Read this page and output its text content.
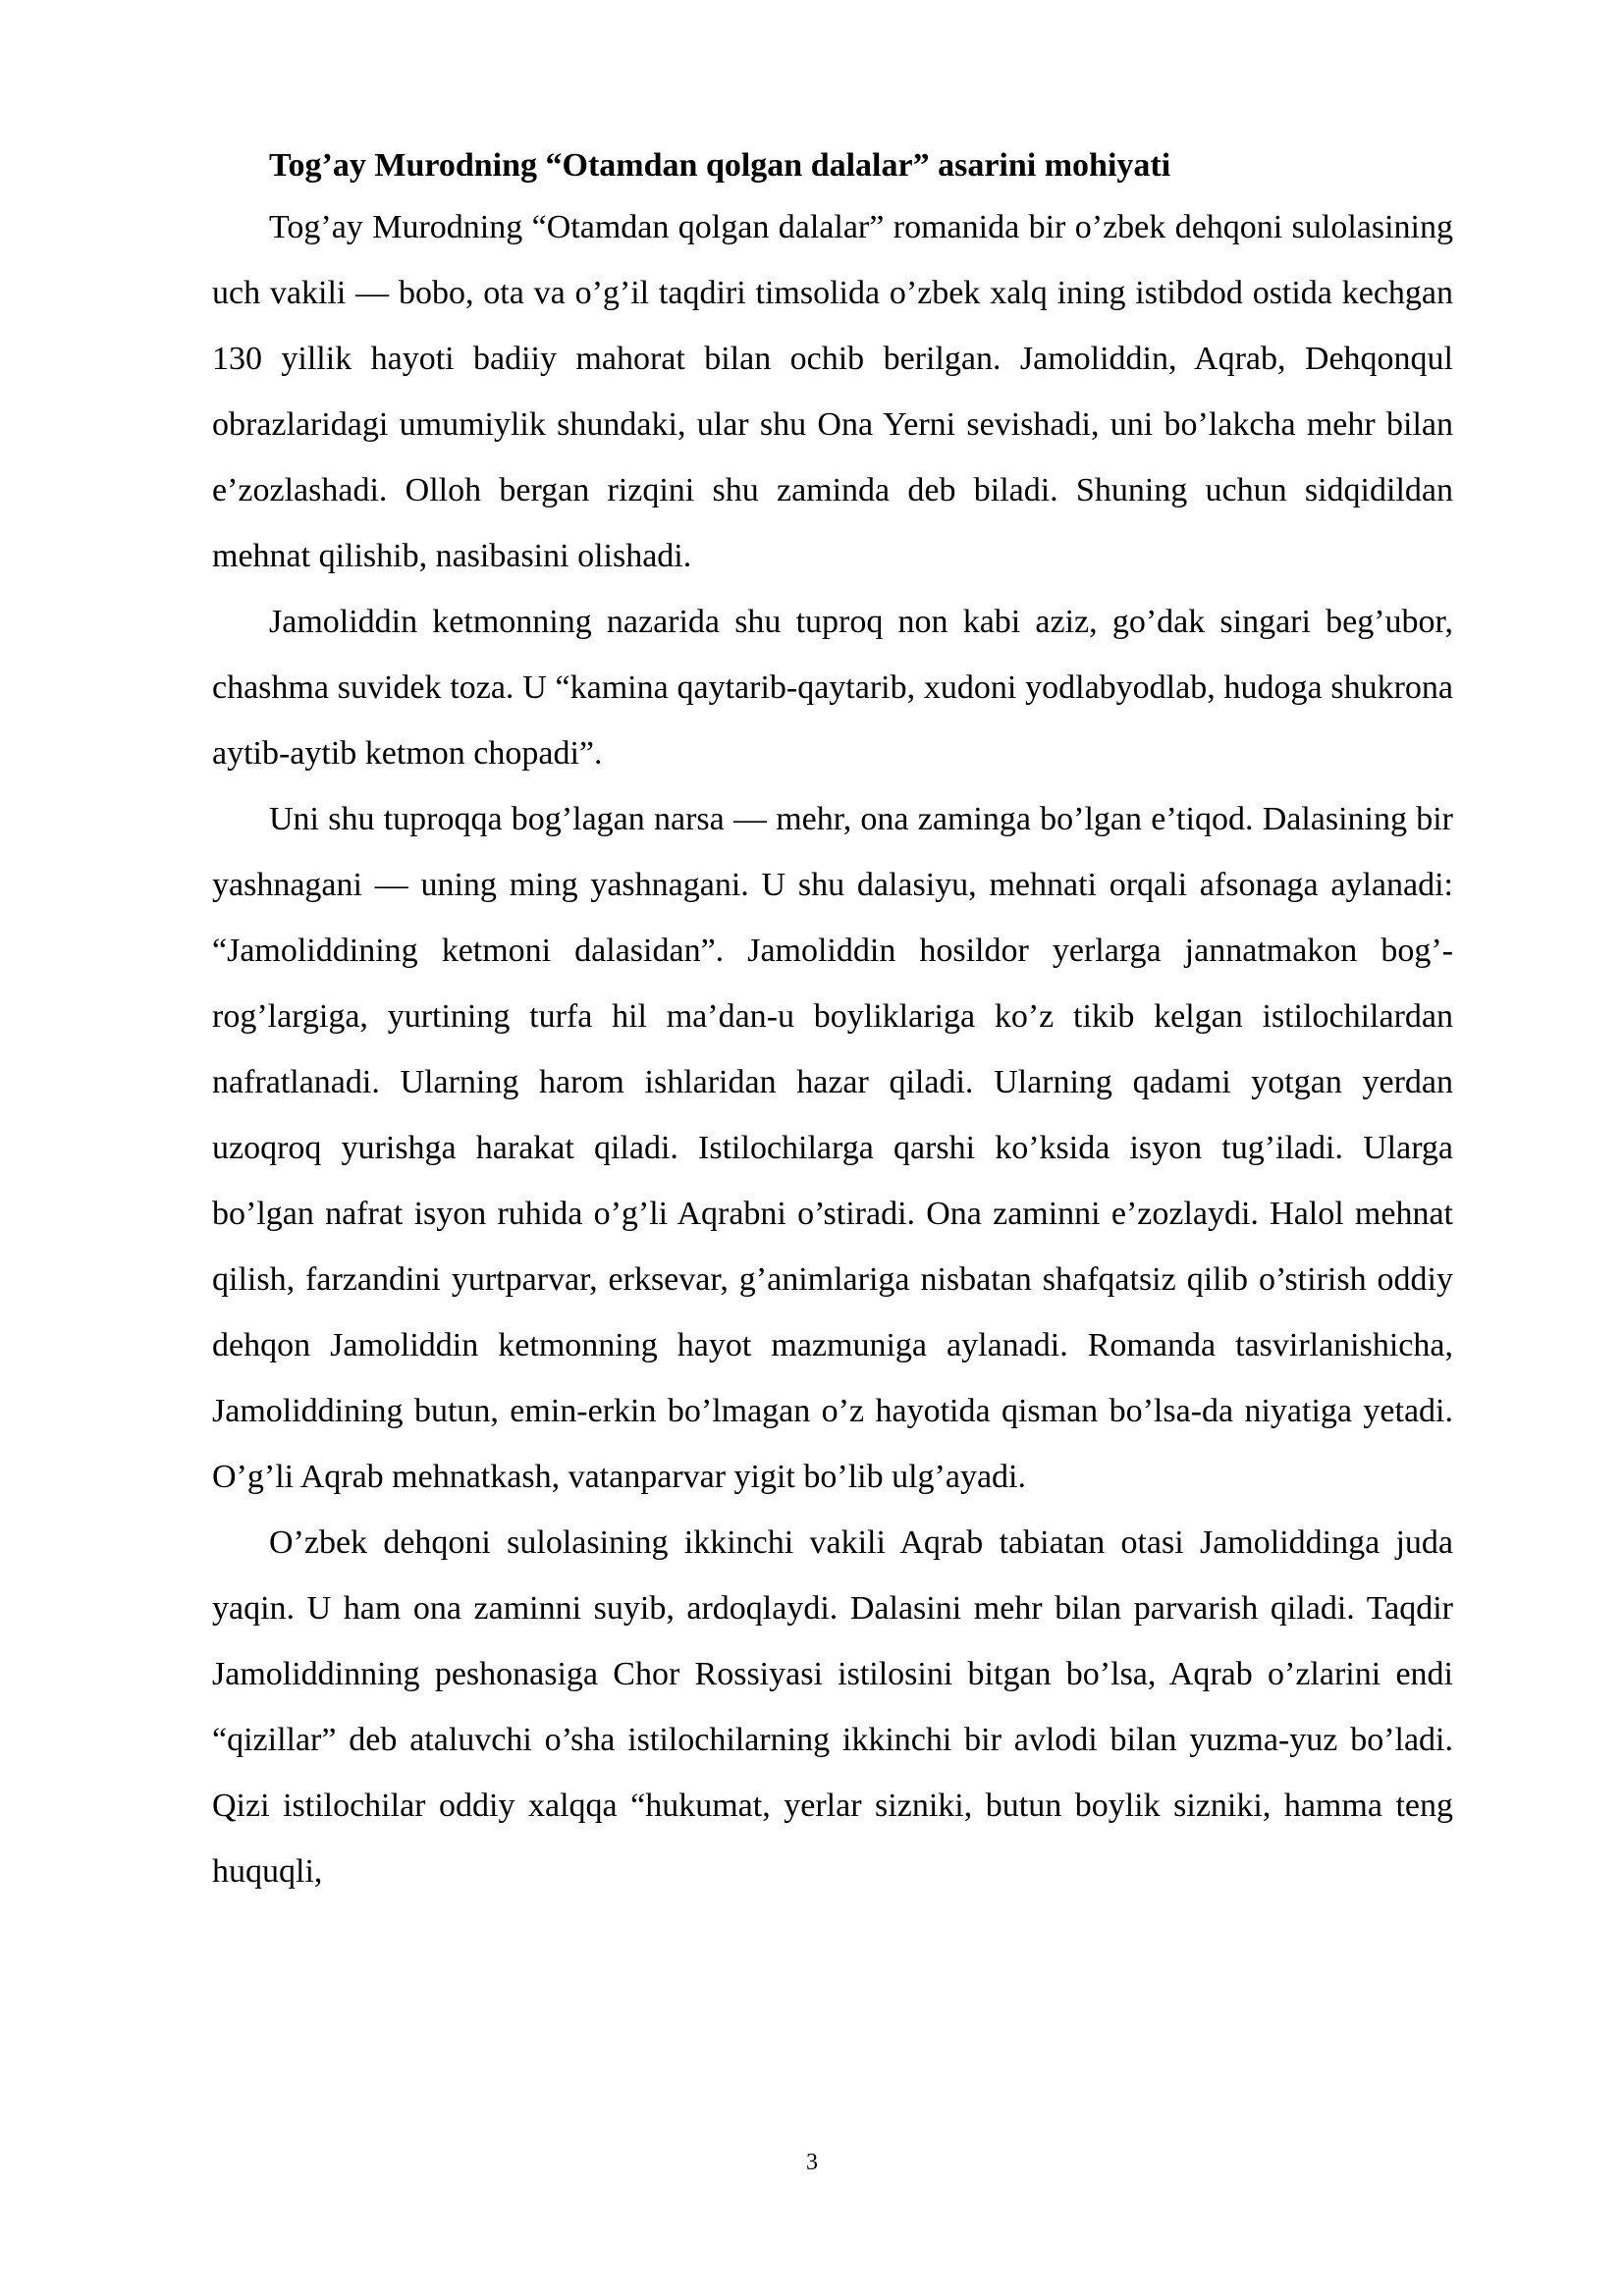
Tog’ay Murodning “Otamdan qolgan dalalar” asarini mohiyati

Tog’ay Murodning “Otamdan qolgan dalalar” romanida bir o’zbek dehqoni sulolasining uch vakili — bobo, ota va o’g’il taqdiri timsolida o’zbek xalq ining istibdod ostida kechgan 130 yillik hayoti badiiy mahorat bilan ochib berilgan. Jamoliddin, Aqrab, Dehqonqul obrazlaridagi umumiylik shundaki, ular shu Ona Yerni sevishadi, uni bo’lakcha mehr bilan e’zozlashadi. Olloh bergan rizqini shu zaminda deb biladi. Shuning uchun sidqidildan mehnat qilishib, nasibasini olishadi.

Jamoliddin ketmonning nazarida shu tuproq non kabi aziz, go’dak singari beg’ubor, chashma suvidek toza. U “kamina qaytarib-qaytarib, xudoni yodlabyodlab, hudoga shukrona aytib-aytib ketmon chopadi”.

Uni shu tuproqqa bog’lagan narsa — mehr, ona zaminga bo’lgan e’tiqod. Dalasining bir yashnagani — uning ming yashnagani. U shu dalasiyu, mehnati orqali afsonaga aylanadi: “Jamoliddining ketmoni dalasidan”. Jamoliddin hosildor yerlarga jannatmakon bog’-rog’largiga, yurtining turfa hil ma’dan-u boyliklariga ko’z tikib kelgan istilochilardan nafratlanadi. Ularning harom ishlaridan hazar qiladi. Ularning qadami yotgan yerdan uzoqroq yurishga harakat qiladi. Istilochilarga qarshi ko’ksida isyon tug’iladi. Ularga bo’lgan nafrat isyon ruhida o’g’li Aqrabni o’stiradi. Ona zaminni e’zozlaydi. Halol mehnat qilish, farzandini yurtparvar, erksevar, g’animlariga nisbatan shafqatsiz qilib o’stirish oddiy dehqon Jamoliddin ketmonning hayot mazmuniga aylanadi. Romanda tasvirlanishicha, Jamoliddining butun, emin-erkin bo’lmagan o’z hayotida qisman bo’lsa-da niyatiga yetadi. O’g’li Aqrab mehnatkash, vatanparvar yigit bo’lib ulg’ayadi.

O’zbek dehqoni sulolasining ikkinchi vakili Aqrab tabiatan otasi Jamoliddinga juda yaqin. U ham ona zaminni suyib, ardoqlaydi. Dalasini mehr bilan parvarish qiladi. Taqdir Jamoliddinning peshonasiga Chor Rossiyasi istilosini bitgan bo’lsa, Aqrab o’zlarini endi “qizillar” deb ataluvchi o’sha istilochilarning ikkinchi bir avlodi bilan yuzma-yuz bo’ladi. Qizi istilochilar oddiy xalqqa “hukumat, yerlar sizniki, butun boylik sizniki, hamma teng huquqli,

3
